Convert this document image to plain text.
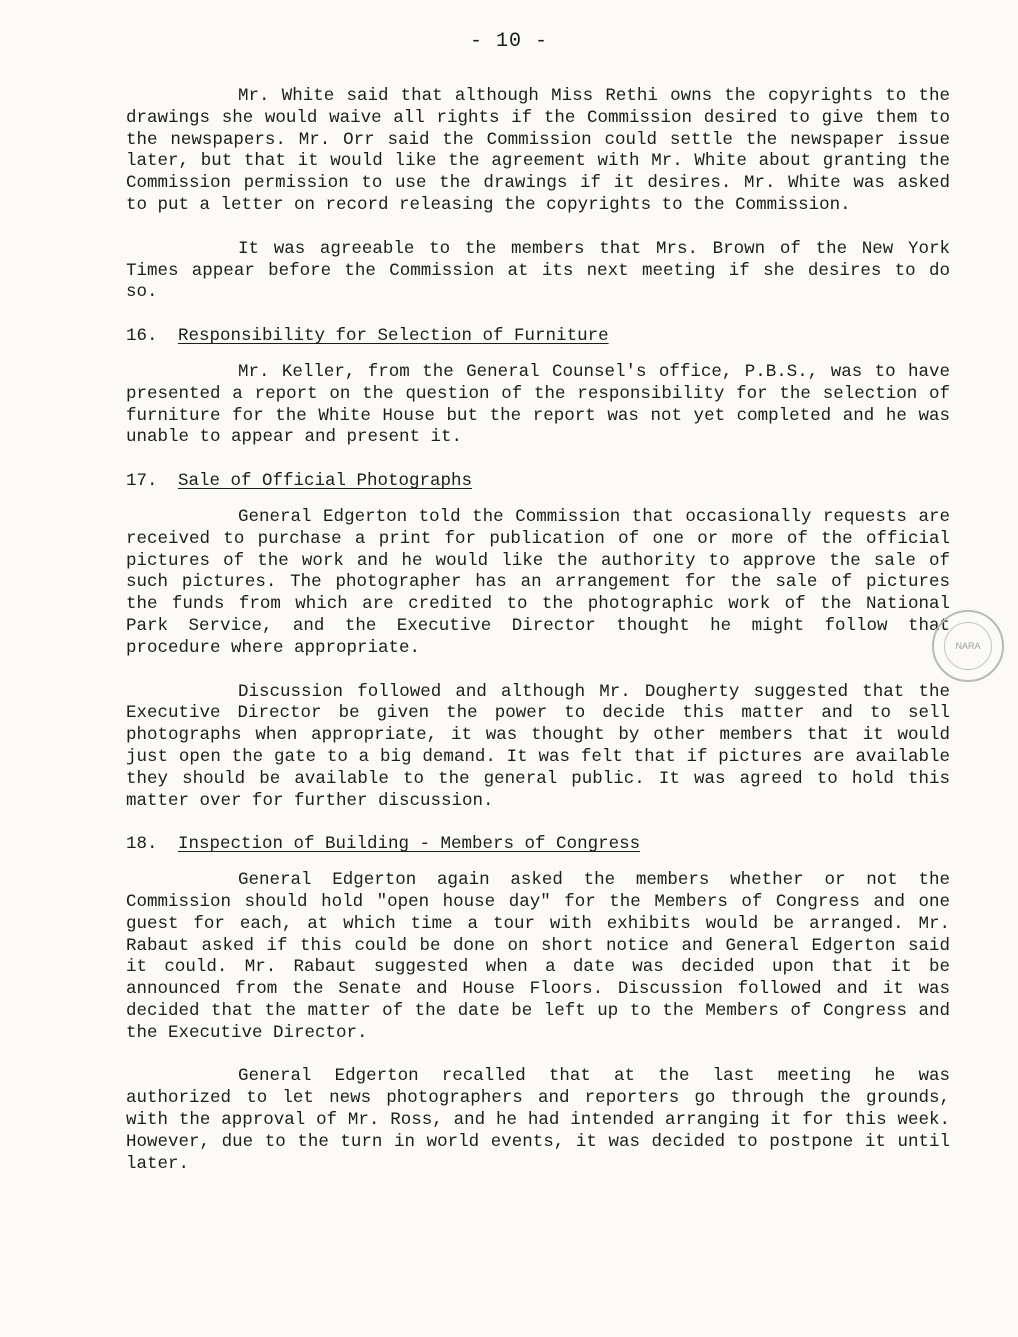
- 10 -

Mr. White said that although Miss Rethi owns the copyrights to the drawings she would waive all rights if the Commission desired to give them to the newspapers. Mr. Orr said the Commission could settle the newspaper issue later, but that it would like the agreement with Mr. White about granting the Commission permission to use the drawings if it desires. Mr. White was asked to put a letter on record releasing the copyrights to the Commission.

It was agreeable to the members that Mrs. Brown of the New York Times appear before the Commission at its next meeting if she desires to do so.

16.	Responsibility for Selection of Furniture

Mr. Keller, from the General Counsel's office, P.B.S., was to have presented a report on the question of the responsibility for the selection of furniture for the White House but the report was not yet completed and he was unable to appear and present it.

17.	Sale of Official Photographs

General Edgerton told the Commission that occasionally requests are received to purchase a print for publication of one or more of the official pictures of the work and he would like the authority to approve the sale of such pictures. The photographer has an arrangement for the sale of pictures the funds from which are credited to the photographic work of the National Park Service, and the Executive Director thought he might follow that procedure where appropriate.

Discussion followed and although Mr. Dougherty suggested that the Executive Director be given the power to decide this matter and to sell photographs when appropriate, it was thought by other members that it would just open the gate to a big demand. It was felt that if pictures are available they should be available to the general public. It was agreed to hold this matter over for further discussion.

18.	Inspection of Building - Members of Congress

General Edgerton again asked the members whether or not the Commission should hold "open house day" for the Members of Congress and one guest for each, at which time a tour with exhibits would be arranged. Mr. Rabaut asked if this could be done on short notice and General Edgerton said it could. Mr. Rabaut suggested when a date was decided upon that it be announced from the Senate and House Floors. Discussion followed and it was decided that the matter of the date be left up to the Members of Congress and the Executive Director.

General Edgerton recalled that at the last meeting he was authorized to let news photographers and reporters go through the grounds, with the approval of Mr. Ross, and he had intended arranging it for this week. However, due to the turn in world events, it was decided to postpone it until later.

NARA
